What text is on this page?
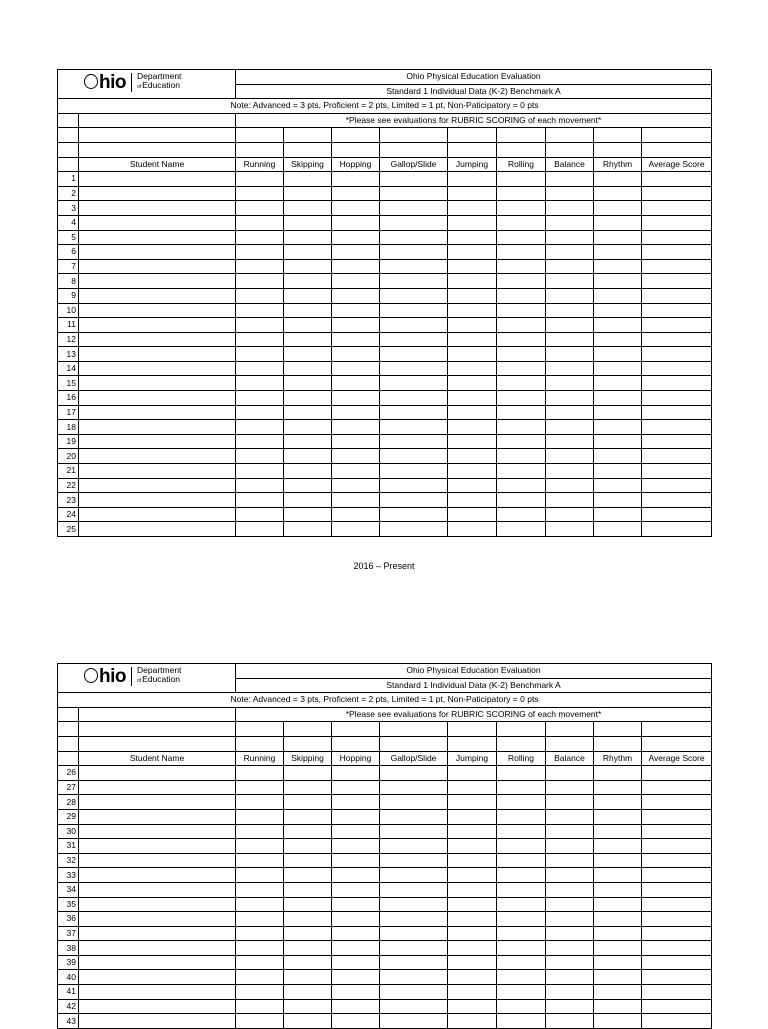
hio Department
ofEducation		Ohio Physical Education Evaluation								
		Standard 1 Individual Data (K-2) Benchmark A								
Note: Advanced = 3 pts, Proficient = 2 pts, Limited = 1 pt, Non-Paticipatory = 0 pts										
		*Please see evaluations for RUBRIC SCORING of each movement*								

	Student Name	Running	Skipping	Hopping	Gallop/Slide	Jumping	Rolling	Balance	Rhythm	Average Score
1										
2										
3										
4										
5										
6										
7										
8										
9										
10										
11										
12										
13										
14										
15										
16										
17										
18										
19										
20										
21										
22										
23										
24										
25										
2016 – Present
hio Department
ofEducation		Ohio Physical Education Evaluation								
		Standard 1 Individual Data (K-2) Benchmark A								
Note: Advanced = 3 pts, Proficient = 2 pts, Limited = 1 pt, Non-Paticipatory = 0 pts										
		*Please see evaluations for RUBRIC SCORING of each movement*								

	Student Name	Running	Skipping	Hopping	Gallop/Slide	Jumping	Rolling	Balance	Rhythm	Average Score
26										
27										
28										
29										
30										
31										
32										
33										
34										
35										
36										
37										
38										
39										
40										
41										
42										
43										
